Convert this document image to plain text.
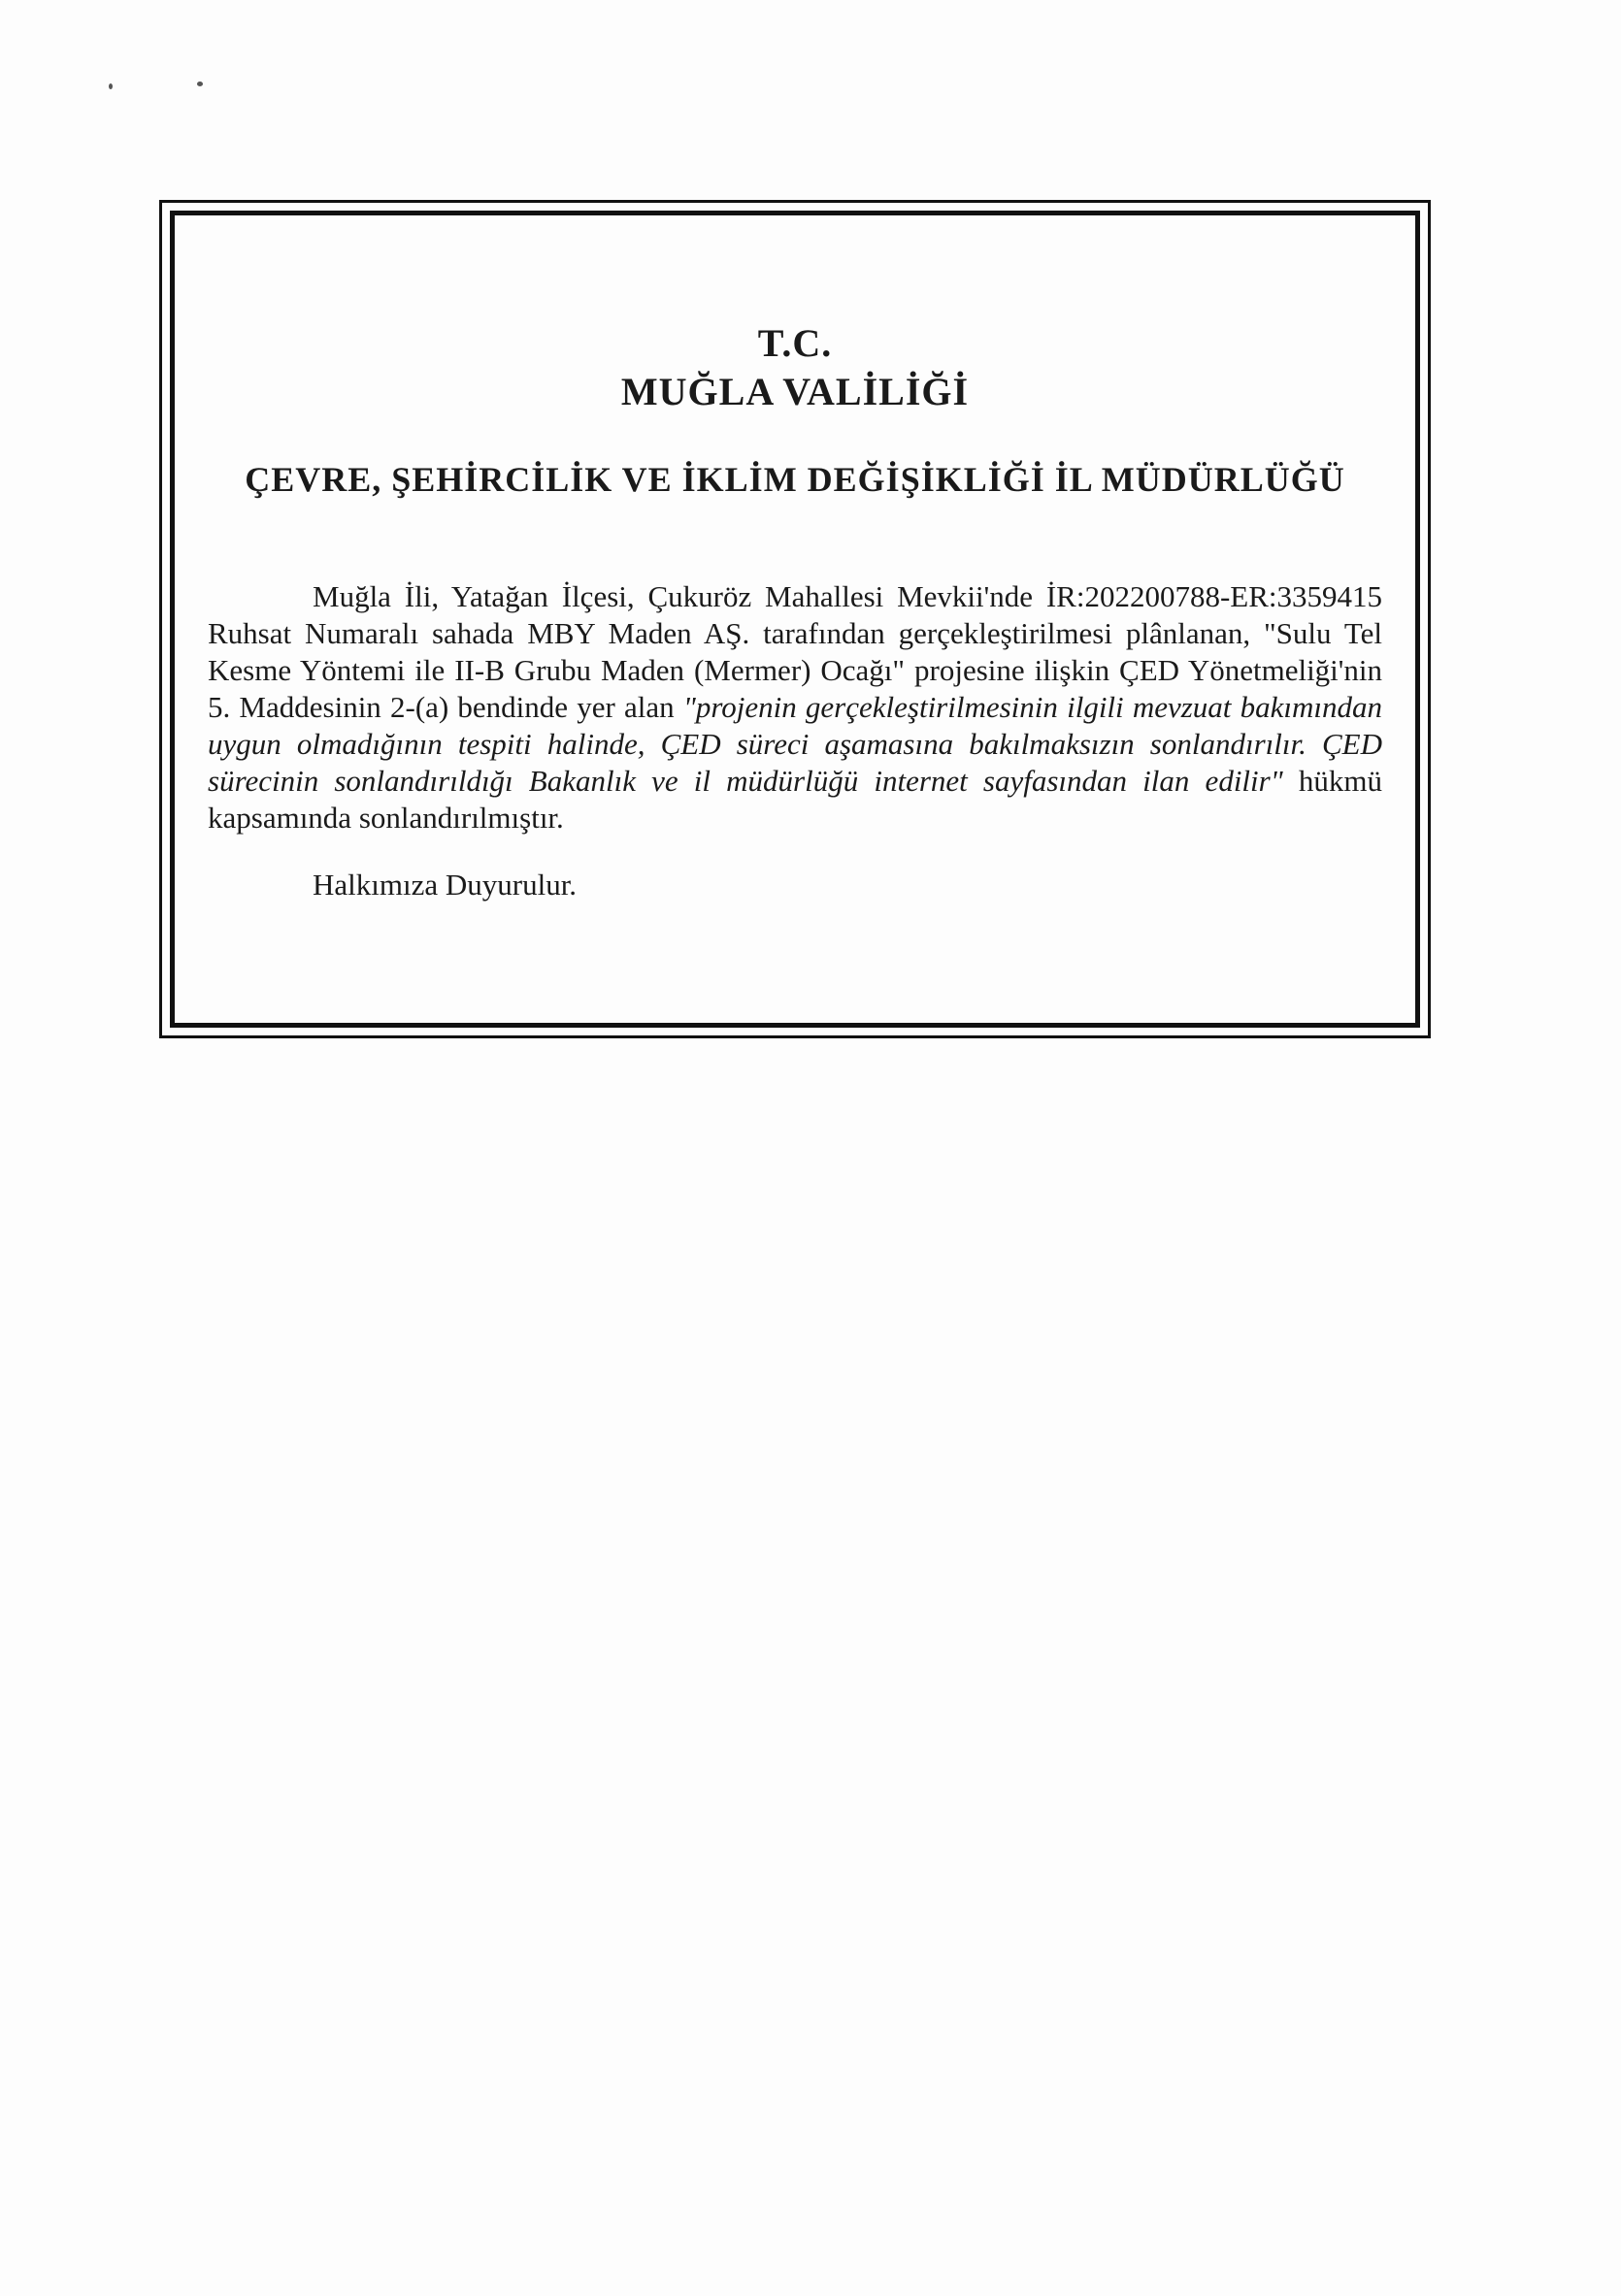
T.C.

MUĞLA VALİLİĞİ

ÇEVRE, ŞEHİRCİLİK VE İKLİM DEĞİŞİKLİĞİ İL MÜDÜRLÜĞÜ

Muğla İli, Yatağan İlçesi, Çukuröz Mahallesi Mevkii'nde İR:202200788-ER:3359415 Ruhsat Numaralı sahada MBY Maden AŞ. tarafından gerçekleştirilmesi plânlanan, "Sulu Tel Kesme Yöntemi ile II-B Grubu Maden (Mermer) Ocağı" projesine ilişkin ÇED Yönetmeliği'nin 5. Maddesinin 2-(a) bendinde yer alan "projenin gerçekleştirilmesinin ilgili mevzuat bakımından uygun olmadığının tespiti halinde, ÇED süreci aşamasına bakılmaksızın sonlandırılır. ÇED sürecinin sonlandırıldığı Bakanlık ve il müdürlüğü internet sayfasından ilan edilir" hükmü kapsamında sonlandırılmıştır.

Halkımıza Duyurulur.
